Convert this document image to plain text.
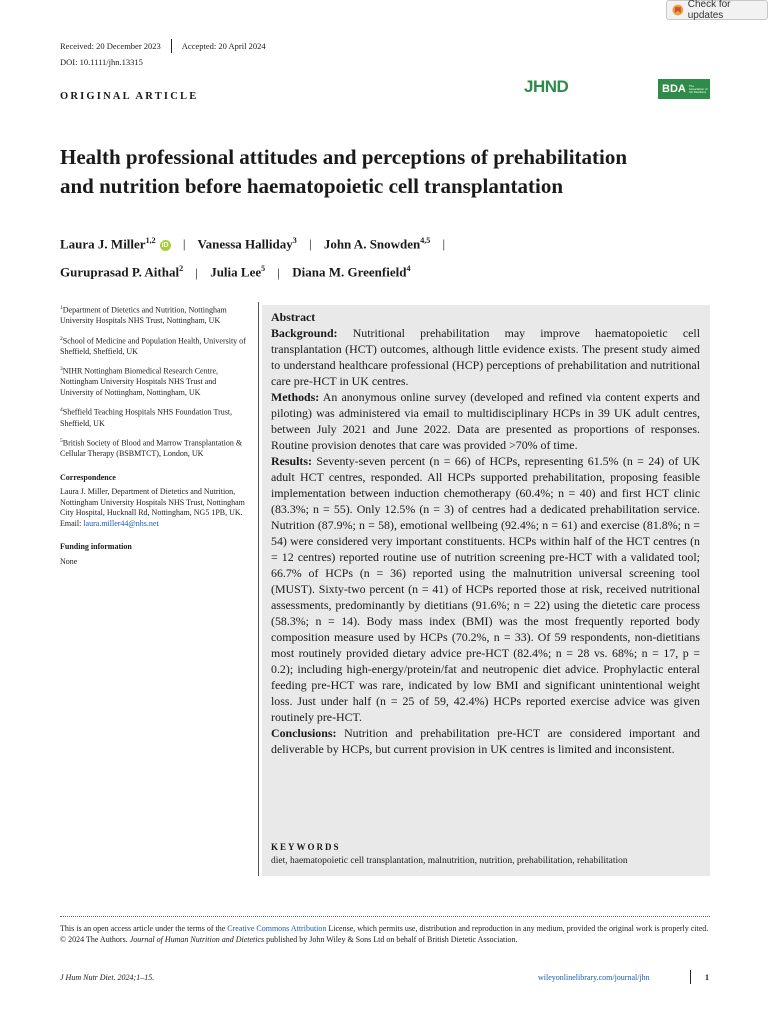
Check for updates
Received: 20 December 2023 Accepted: 20 April 2024
DOI: 10.1111/jhn.13315
ORIGINAL ARTICLE
JHND	BDA The Association of UK Dietitians
Health professional attitudes and perceptions of prehabilitation
and nutrition before haematopoietic cell transplantation
Laura J. Miller$^{1,2}$iD | Vanessa Halliday$^3$ | John A. Snowden$^{4,5}$ |
Guruprasad P. Aithal$^2$ | Julia Lee$^5$ | Diana M. Greenfield$^4$
$^1$Department of Dietetics and Nutrition, Nottingham University Hospitals NHS Trust, Nottingham, UK
$^2$School of Medicine and Population Health, University of Sheffield, Sheffield, UK
$^3$NIHR Nottingham Biomedical Research Centre, Nottingham University Hospitals NHS Trust and University of Nottingham, Nottingham, UK
$^4$Sheffield Teaching Hospitals NHS Foundation Trust, Sheffield, UK
$^5$British Society of Blood and Marrow Transplantation & Cellular Therapy (BSBMTCT), London, UK
Correspondence
Laura J. Miller, Department of Dietetics and Nutrition, Nottingham University Hospitals NHS Trust, Nottingham City Hospital, Hucknall Rd, Nottingham, NG5 1PB, UK. Email: laura.miller44@nhs.net
Funding information
None

Abstract

Background: Nutritional prehabilitation may improve haematopoietic cell transplantation (HCT) outcomes, although little evidence exists. The present study aimed to understand healthcare professional (HCP) perceptions of prehabilitation and nutritional care pre-HCT in UK centres.

Methods: An anonymous online survey (developed and refined via content experts and piloting) was administered via email to multidisciplinary HCPs in 39 UK adult centres, between July 2021 and June 2022. Data are presented as proportions of responses. Routine provision denotes that care was provided >70% of time.

Results: Seventy-seven percent (n = 66) of HCPs, representing 61.5% (n = 24) of UK adult HCT centres, responded. All HCPs supported prehabilitation, proposing feasible implementation between induction chemotherapy (60.4%; n = 40) and first HCT clinic (83.3%; n = 55). Only 12.5% (n = 3) of centres had a dedicated prehabilitation service. Nutrition (87.9%; n = 58), emotional wellbeing (92.4%; n = 61) and exercise (81.8%; n = 54) were considered very important constituents. HCPs within half of the HCT centres (n = 12 centres) reported routine use of nutrition screening pre-HCT with a validated tool; 66.7% of HCPs (n = 36) reported using the malnutrition universal screening tool (MUST). Sixty-two percent (n = 41) of HCPs reported those at risk, received nutritional assessments, predominantly by dietitians (91.6%; n = 22) using the dietetic care process (58.3%; n = 14). Body mass index (BMI) was the most frequently reported body composition measure used by HCPs (70.2%, n = 33). Of 59 respondents, non-dietitians most routinely provided dietary advice pre-HCT (82.4%; n = 28 vs. 68%; n = 17, p = 0.2); including high-energy/protein/fat and neutropenic diet advice. Prophylactic enteral feeding pre-HCT was rare, indicated by low BMI and significant unintentional weight loss. Just under half (n = 25 of 59, 42.4%) HCPs reported exercise advice was given routinely pre-HCT.

Conclusions: Nutrition and prehabilitation pre-HCT are considered important and deliverable by HCPs, but current provision in UK centres is limited and inconsistent.

KEYWORDS
diet, haematopoietic cell transplantation, malnutrition, nutrition, prehabilitation, rehabilitation
This is an open access article under the terms of the Creative Commons Attribution License, which permits use, distribution and reproduction in any medium, provided the original work is properly cited.
© 2024 The Authors. Journal of Human Nutrition and Dietetics published by John Wiley & Sons Ltd on behalf of British Dietetic Association.
J Hum Nutr Diet. 2024;1–15.	wileyonlinelibrary.com/journal/jhn	1
